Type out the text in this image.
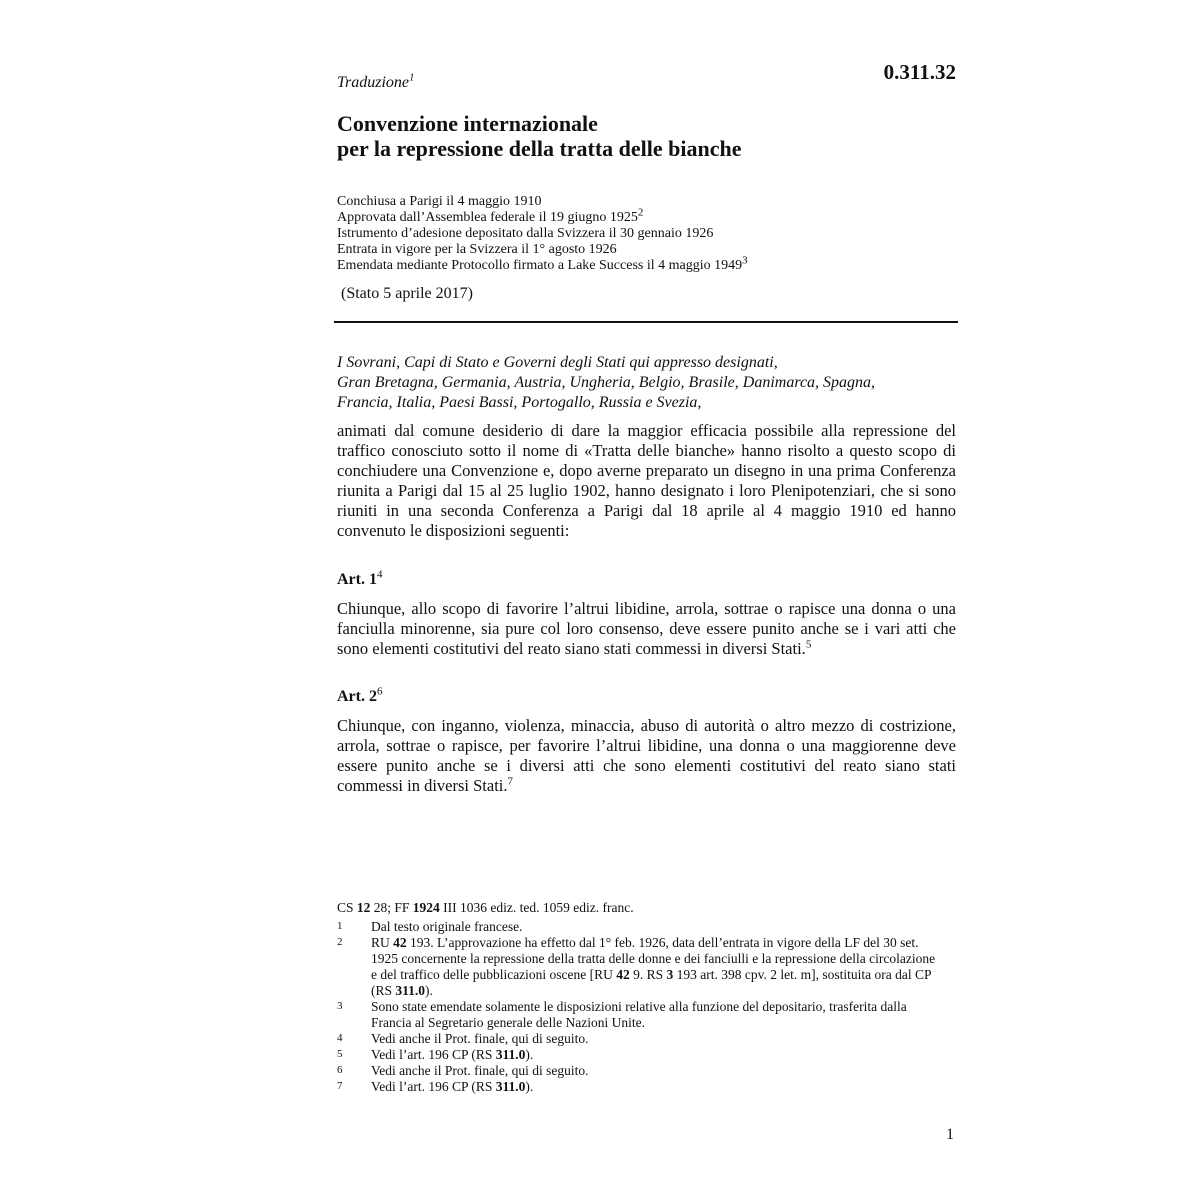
0.311.32
Traduzione$^1$
Convenzione internazionale
per la repressione della tratta delle bianche
Conchiusa a Parigi il 4 maggio 1910
Approvata dall’Assemblea federale il 19 giugno 1925$^2$
Istrumento d’adesione depositato dalla Svizzera il 30 gennaio 1926
Entrata in vigore per la Svizzera il 1° agosto 1926
Emendata mediante Protocollo firmato a Lake Success il 4 maggio 1949$^3$
(Stato 5 aprile 2017)
I Sovrani, Capi di Stato e Governi degli Stati qui appresso designati,
Gran Bretagna, Germania, Austria, Ungheria, Belgio, Brasile, Danimarca, Spagna,
Francia, Italia, Paesi Bassi, Portogallo, Russia e Svezia,
animati dal comune desiderio di dare la maggior efficacia possibile alla repressione del traffico conosciuto sotto il nome di «Tratta delle bianche» hanno risolto a questo scopo di conchiudere una Convenzione e, dopo averne preparato un disegno in una prima Conferenza riunita a Parigi dal 15 al 25 luglio 1902, hanno designato i loro Plenipotenziari, che si sono riuniti in una seconda Conferenza a Parigi dal 18 aprile al 4 maggio 1910 ed hanno convenuto le disposizioni seguenti:
Art. $1^4$
Chiunque, allo scopo di favorire l’altrui libidine, arrola, sottrae o rapisce una donna o una fanciulla minorenne, sia pure col loro consenso, deve essere punito anche se i vari atti che sono elementi costitutivi del reato siano stati commessi in diversi Stati.$^5$
Art. $2^6$
Chiunque, con inganno, violenza, minaccia, abuso di autorità o altro mezzo di costrizione, arrola, sottrae o rapisce, per favorire l’altrui libidine, una donna o una maggiorenne deve essere punito anche se i diversi atti che sono elementi costitutivi del reato siano stati commessi in diversi Stati.$^7$
CS 12 28; FF 1924 III 1036 ediz. ted. 1059 ediz. franc.
1	Dal testo originale francese.
2	RU 42 193. L’approvazione ha effetto dal 1° feb. 1926, data dell’entrata in vigore della LF del 30 set. 1925 concernente la repressione della tratta delle donne e dei fanciulli e la repressione della circolazione e del traffico delle pubblicazioni oscene [RU 42 9. RS 3 193 art. 398 cpv. 2 let. m], sostituita ora dal CP (RS 311.0).
3	Sono state emendate solamente le disposizioni relative alla funzione del depositario, trasferita dalla Francia al Segretario generale delle Nazioni Unite.
4	Vedi anche il Prot. finale, qui di seguito.
5	Vedi l’art. 196 CP (RS 311.0).
6	Vedi anche il Prot. finale, qui di seguito.
7	Vedi l’art. 196 CP (RS 311.0).
1
